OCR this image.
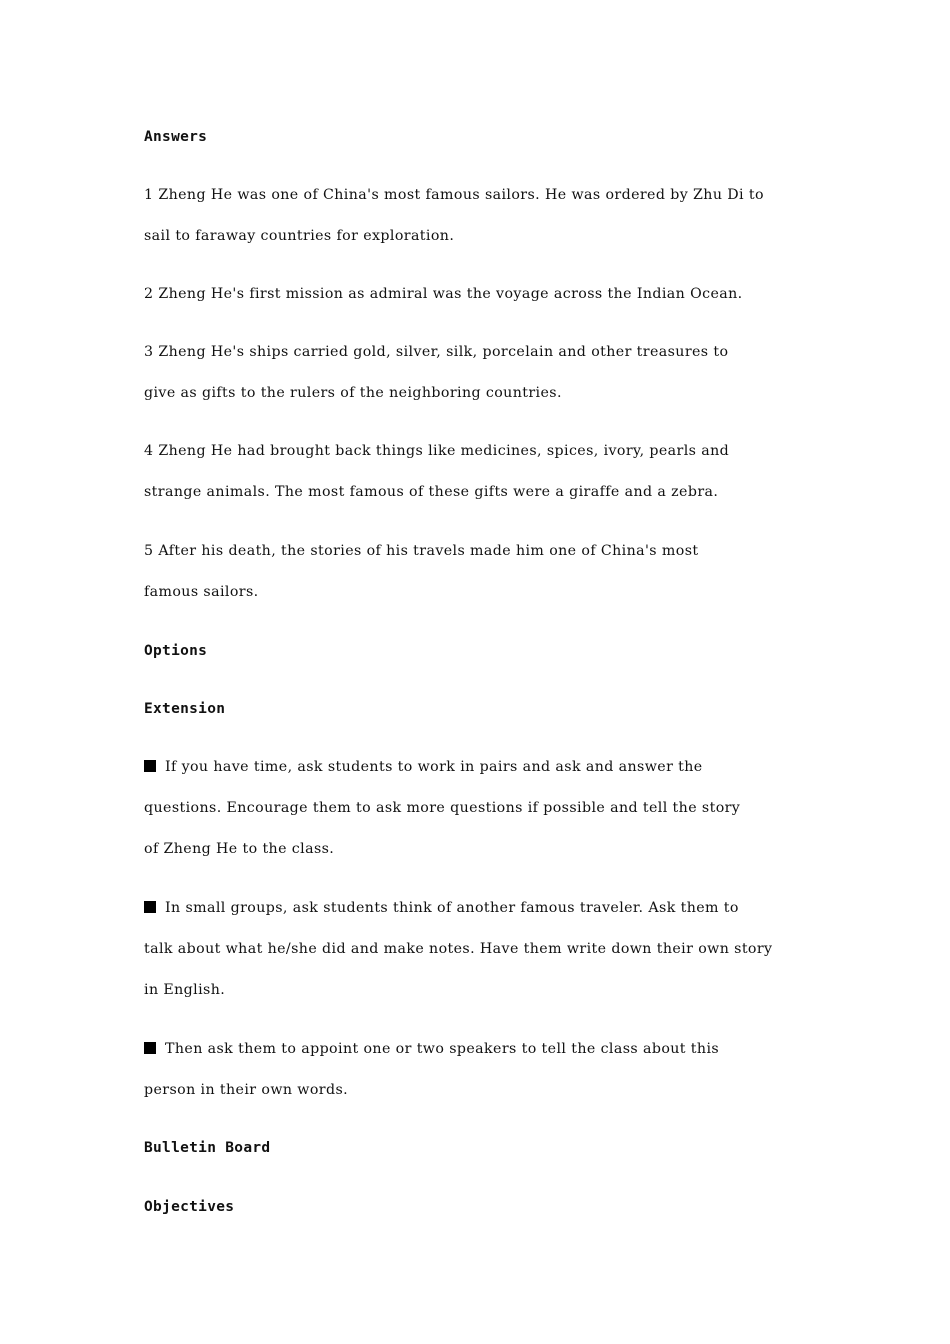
Answers
1 Zheng He was one of China's most famous sailors. He was ordered by Zhu Di to
sail to faraway countries for exploration.
2 Zheng He's first mission as admiral was the voyage across the Indian Ocean.
3 Zheng He's ships carried gold, silver, silk, porcelain and other treasures to
give as gifts to the rulers of the neighboring countries.
4 Zheng He had brought back things like medicines, spices, ivory, pearls and
strange animals. The most famous of these gifts were a giraffe and a zebra.
5 After his death, the stories of his travels made him one of China's most
famous sailors.
Options
Extension
If you have time, ask students to work in pairs and ask and answer the
questions. Encourage them to ask more questions if possible and tell the story
of Zheng He to the class.
In small groups, ask students think of another famous traveler. Ask them to
talk about what he/she did and make notes. Have them write down their own story
in English.
Then ask them to appoint one or two speakers to tell the class about this
person in their own words.
Bulletin Board
Objectives
